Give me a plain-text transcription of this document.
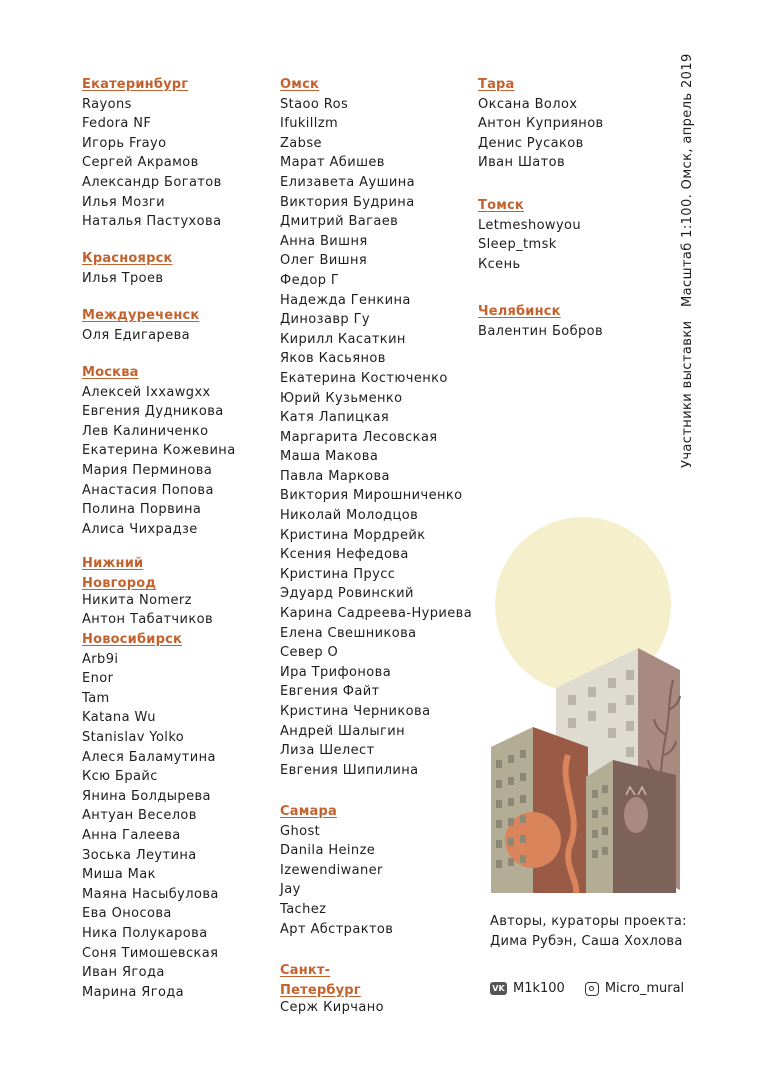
Екатеринбург
Rayons
Fedora NF
Игорь Frayo
Сергей Акрамов
Александр Богатов
Илья Мозги
Наталья Пастухова
Красноярск
Илья Троев
Междуреченск
Оля Едигарева
Москва
Алексей Ixxawgxx
Евгения Дудникова
Лев Калиниченко
Екатерина Кожевина
Мария Перминова
Анастасия Попова
Полина Порвина
Алиса Чихрадзе
Нижний Новгород
Никита Nomerz
Антон Табатчиков
Новосибирск
Arb9i
Enor
Tam
Katana Wu
Stanislav Yolko
Алеся Баламутина
Ксю Брайс
Янина Болдырева
Антуан Веселов
Анна Галеева
Зоська Леутина
Миша Мак
Маяна Насыбулова
Ева Оносова
Ника Полукарова
Соня Тимошевская
Иван Ягода
Марина Ягода
Омск
Staoo Ros
Ifukillzm
Zabse
Марат Абишев
Елизавета Аушина
Виктория Будрина
Дмитрий Вагаев
Анна Вишня
Олег Вишня
Федор Г
Надежда Генкина
Динозавр Гу
Кирилл Касаткин
Яков Касьянов
Екатерина Костюченко
Юрий Кузьменко
Катя Лапицкая
Маргарита Лесовская
Маша Макова
Павла Маркова
Виктория Мирошниченко
Николай Молодцов
Кристина Мордрейк
Ксения Нефедова
Кристина Прусс
Эдуард Ровинский
Карина Садреева-Нуриева
Елена Свешникова
Север О
Ира Трифонова
Евгения Файт
Кристина Черникова
Андрей Шалыгин
Лиза Шелест
Евгения Шипилина
Самара
Ghost
Danila Heinze
Izewendiwaner
Jay
Tachez
Арт Абстрактов
Санкт-Петербург
Серж Кирчано
Тара
Оксана Волох
Антон Куприянов
Денис Русаков
Иван Шатов
Томск
Letmeshowyou
Sleep_tmsk
Ксень
Челябинск
Валентин Бобров	Участники выставки   Масштаб 1:100. Омск, апрель 2019
Авторы, кураторы проекта:
Дима Рубэн, Саша Хохлова
VK M1k100	Micro_mural
